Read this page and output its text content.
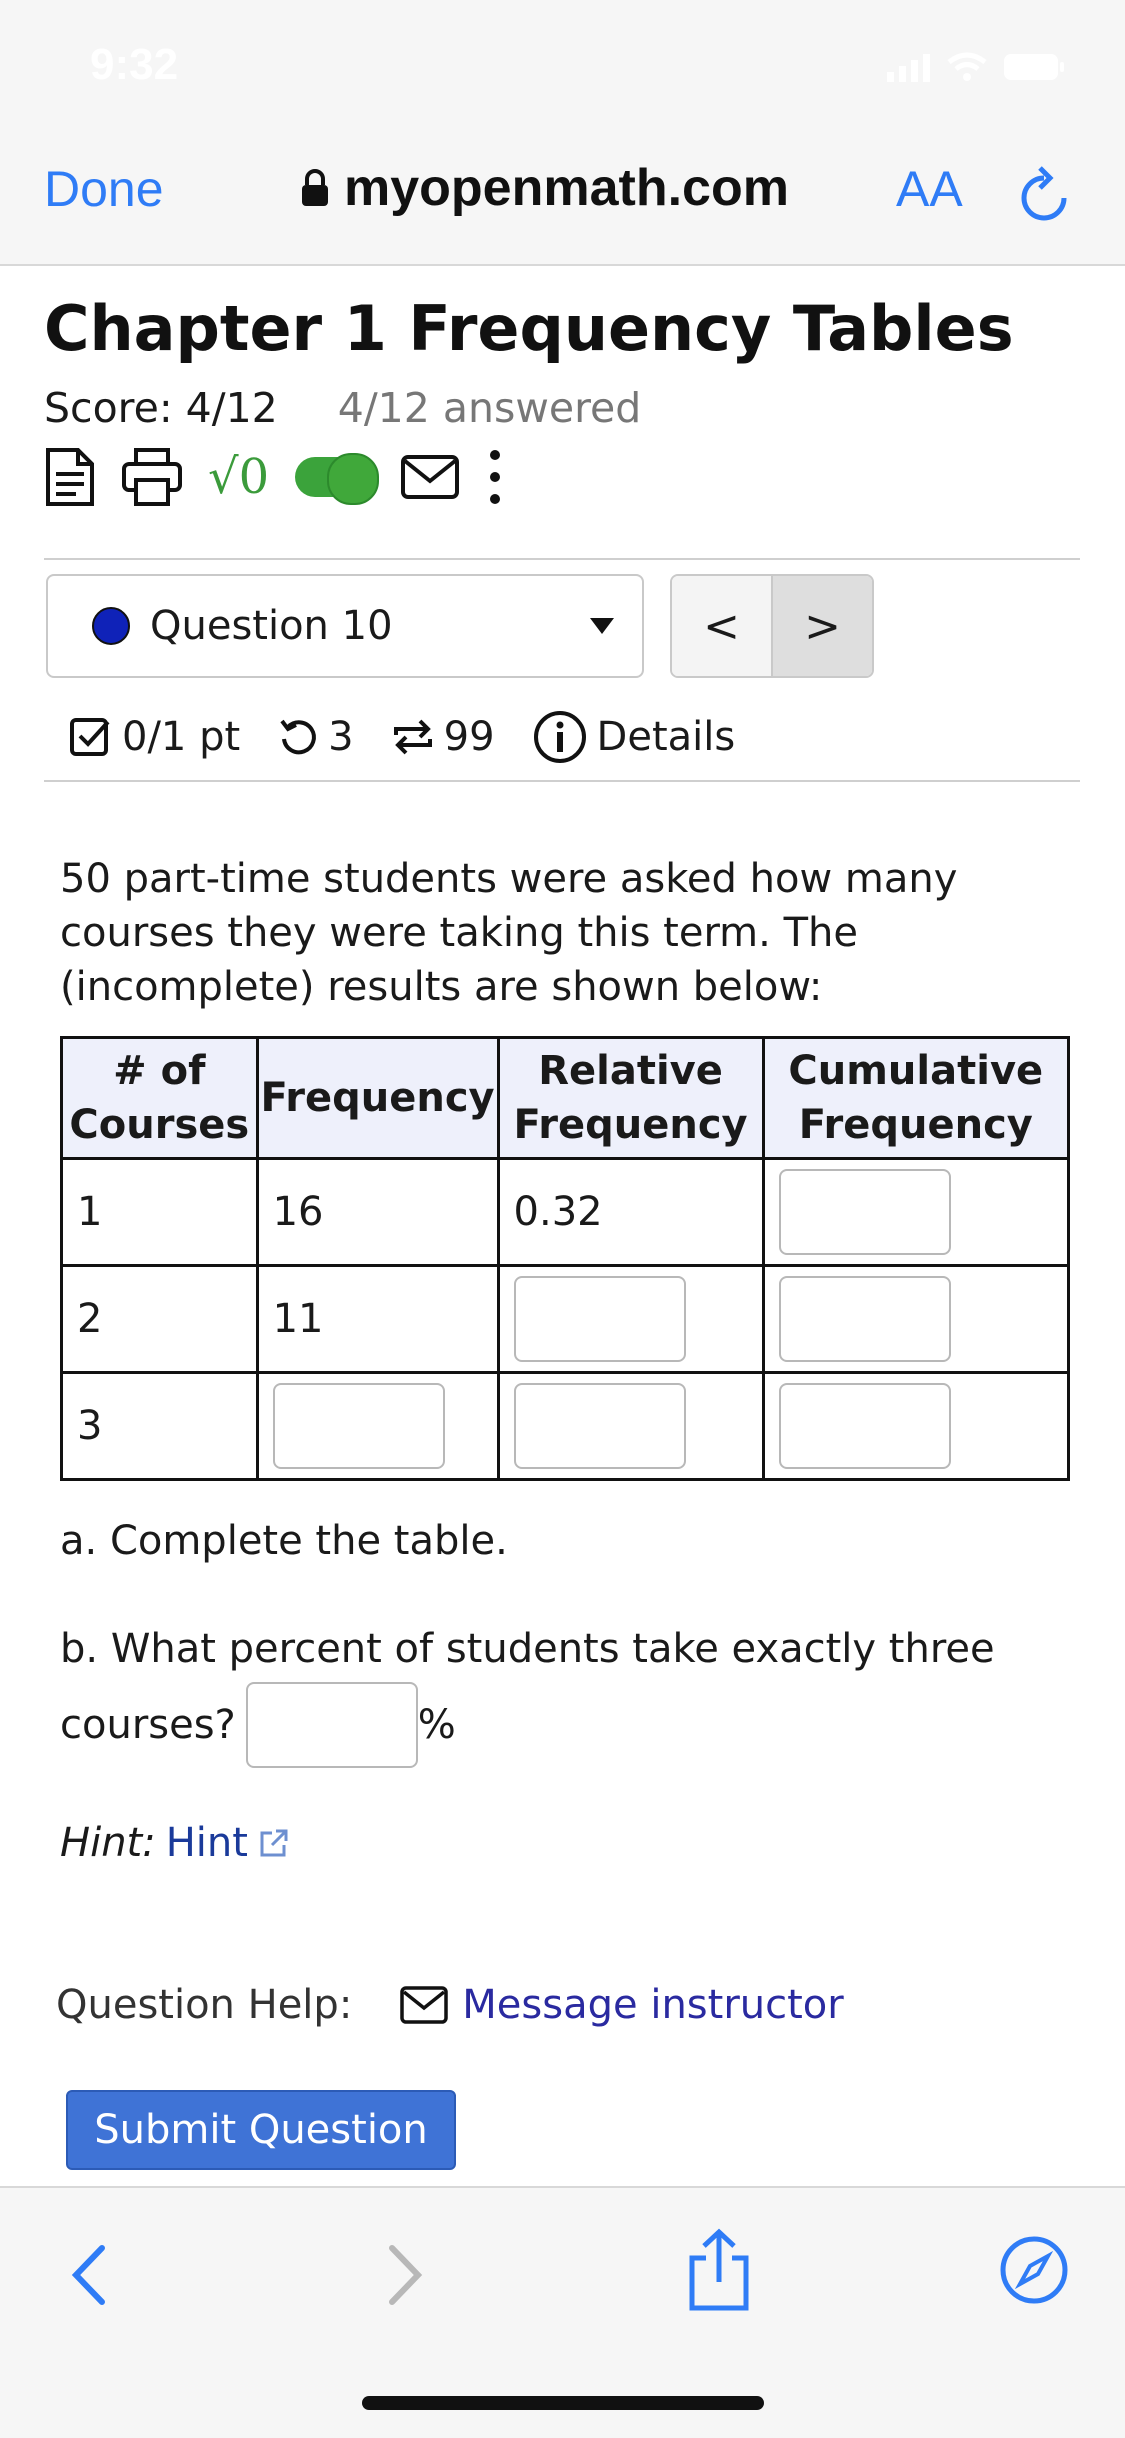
9:32
Done	myopenmath.com AA
Chapter 1 Frequency Tables
Score: 4/12 4/12 answered
√0
Question 10	<	>
0/1 pt 3 99	Details
50 part-time students were asked how many courses they were taking this term. The (incomplete) results are shown below:
# of Courses	Frequency	Relative Frequency	Cumulative Frequency
1	16	0.32	

2	11	

3	

a. Complete the table.
b. What percent of students take exactly three
courses?	%
Hint: Hint
Question Help:	Message instructor
Submit Question
